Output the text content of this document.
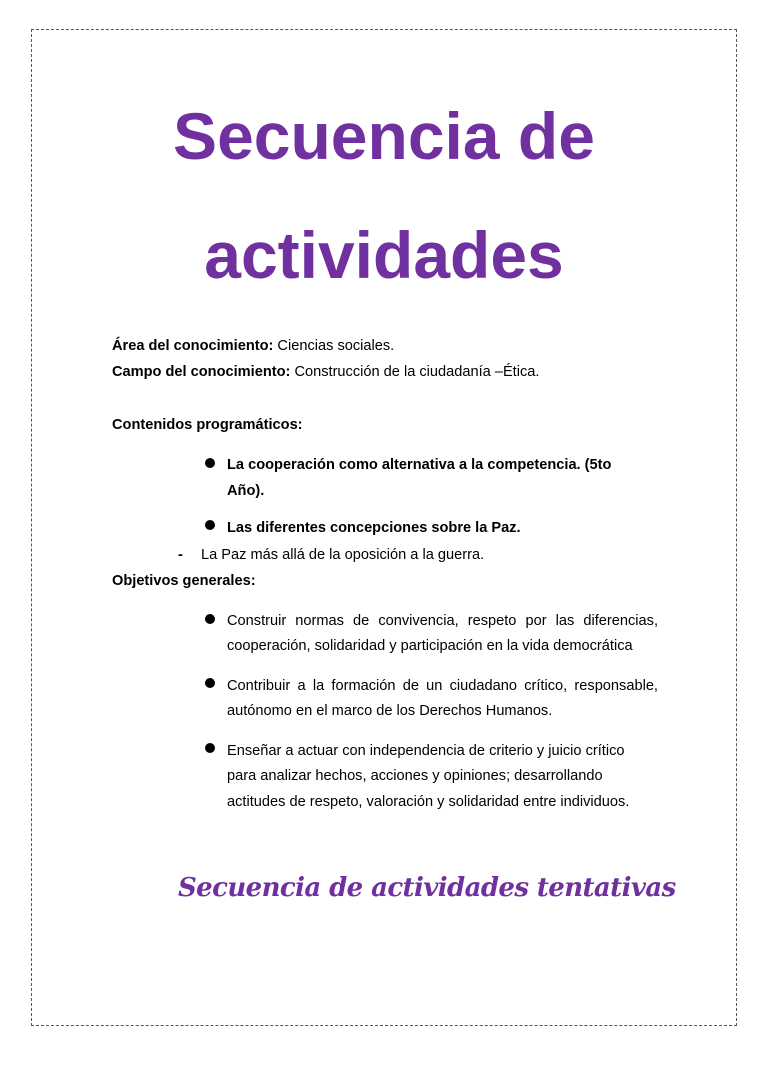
Secuencia de
actividades
Área del conocimiento: Ciencias sociales.
Campo del conocimiento: Construcción de la ciudadanía –Ética.
Contenidos programáticos:
La cooperación como alternativa a la competencia. (5to
Año).
Las diferentes concepciones sobre la Paz.
- La Paz más allá de la oposición a la guerra.
Objetivos generales:
Construir normas de convivencia, respeto por las diferencias,
cooperación, solidaridad y participación en la vida democrática
Contribuir a la formación de un ciudadano crítico, responsable,
autónomo en el marco de los Derechos Humanos.
Enseñar a actuar con independencia de criterio y juicio crítico
para analizar hechos, acciones y opiniones; desarrollando
actitudes de respeto, valoración y solidaridad entre individuos.
Secuencia de actividades tentativas
